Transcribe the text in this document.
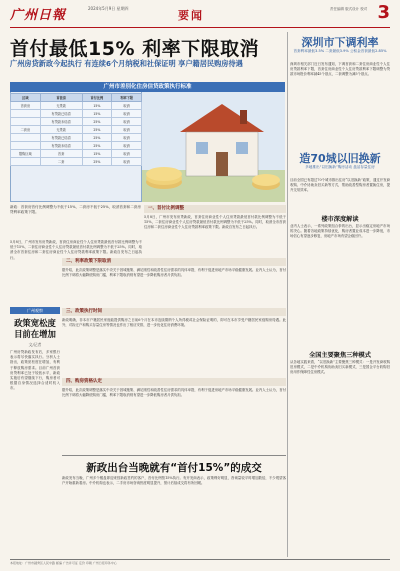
广州日報	2024年5月9日 星期四
要闻	责任编辑 版式设计 校对 3
首付最低15% 利率下限取消
广州房贷新政今起执行 有连续6个月纳税和社保证明 享户籍居民购房待遇
广州市差别化住房信贷政策执行标准
区域	首套房	首付比例	利率下限
首套房	无贷款	15%	取消
	有贷款已结清	15%	取消
	有贷款未结清	25%	取消
二套房	无贷款	25%	取消
	有贷款已结清	25%	取消
	有贷款未结清	25%	取消
限购区域	首套	15%	取消
	二套	25%	取消
新政：首套房首付比例调整为不低于15%，二套房不低于25%，取消首套和二套房贷利率政策下限。
一、首付比例调整
5月8日，广州市发布房贷新政，首套住房商业性个人住房贷款最低首付款比例调整为不低于15%，二套住房商业性个人住房贷款最低首付款比例调整为不低于25%。同时，取消全市首套住房和二套住房商业性个人住房贷款利率政策下限。新政自发布之日起执行。
二、利率政策下限取消
据介绍，此次政策调整是落实中央关于因城施策、满足刚性和改善性住房需求的具体举措，有利于促进房地产市场平稳健康发展。业内人士认为，首付比例下调将大幅降低购房门槛，利率下限取消则有望进一步降低购房者月供负担。
三、政策执行时间
新政明确，非本市户籍居民家庭能提供购房之日前6个月在本市连续缴纳个人所得税或社会保险证明的，即可在本市享受户籍居民家庭购房待遇。此外，对拆迁户和购买存量住房等情况也作出了相应安排，进一步优化住房消费环境。
四、购房资格认定
据介绍，此次政策调整是落实中央关于因城施策、满足刚性和改善性住房需求的具体举措，有利于促进房地产市场平稳健康发展。业内人士认为，首付比例下调将大幅降低购房门槛，利率下限取消则有望进一步降低购房者月供负担。
5月8日，广州市发布房贷新政，首套住房商业性个人住房贷款最低首付款比例调整为不低于15%，二套住房商业性个人住房贷款最低首付款比例调整为不低于25%。同时，取消全市首套住房和二套住房商业性个人住房贷款利率政策下限。新政自发布之日起执行。
广州观察
政策宽松度目前在增加
文/记者
广州房贷新政发布后，多家银行表示将尽快落实执行。分析人士指出，政策宽松度在增加，有利于释放购房需求。目前广州首套房贷利率已处于较低水平，新政实施后有望继续下行，购房者可根据自身情况选择合适时机入市。
新政出台当晚就有“首付15%”的成交
新政发布当晚，广州多个楼盘即迎来按新政签约的客户，首付比例按15%执行。有开发商表示，政策利好明显，咨询量较平时增加数倍，不少观望客户开始重新看房。中介机构也表示，二手房市场咨询热度明显提升，预计后续成交将有所回暖。
深圳市下调利率
首套利率最低3.5% 二套最低3.9% 公积金首套最低2.85%
深圳市相关部门近日发布通知，下调首套和二套住房商业性个人住房贷款利率下限，首套住房商业性个人住房贷款利率下限调整为贷款市场报价利率减45个基点，二套调整为减5个基点。
造70城以旧换新
多地推出“以旧换新”购房活动 盘活存量住房
目前全国已有超过70个城市推出住房“以旧换新”政策，通过开发商收购、中介协助卖旧买新等方式，帮助改善型购房者置换住房，提升交易效率。
楼市深度解读
业内人士表示，一系列政策组合拳的出台，显示出稳定房地产市场的决心。随着各地政策持续优化，购房者置业成本进一步降低，市场信心有望逐步修复，房地产市场有望企稳回升。
全国主要聚焦三种模式
从各地实践来看，“以旧换新”主要聚焦三种模式：一是开发商收购旧房模式，二是中介机构协助卖旧买新模式，三是国企平台收购旧房用作保障性住房模式。
本报地址：广州市越秀区人民中路 邮编 广告许可证 定价 印刷 广州日报印务中心
